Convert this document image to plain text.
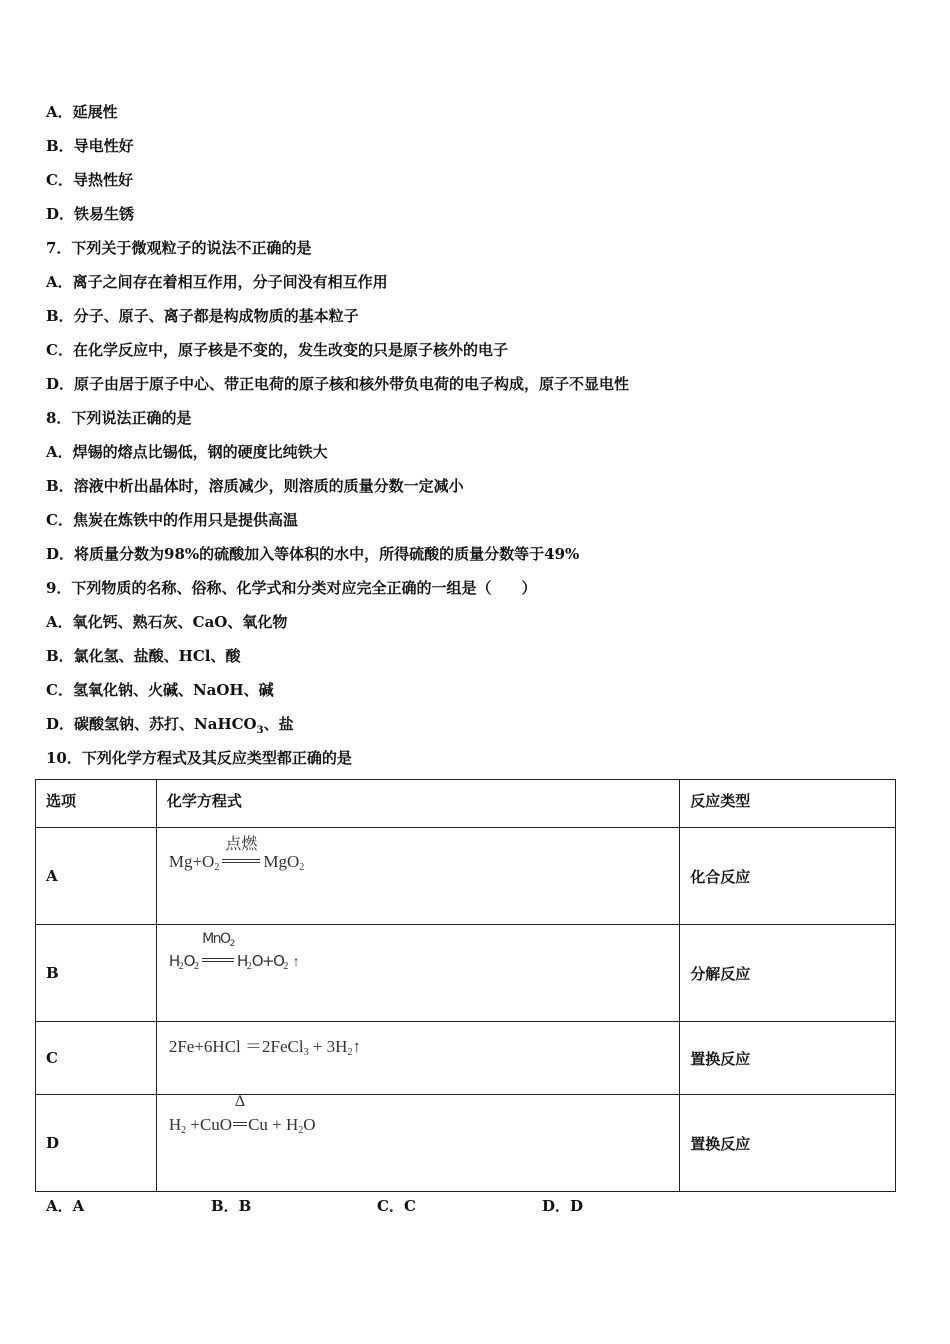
A．延展性
B．导电性好
C．导热性好
D．铁易生锈
7．下列关于微观粒子的说法不正确的是
A．离子之间存在着相互作用，分子间没有相互作用
B．分子、原子、离子都是构成物质的基本粒子
C．在化学反应中，原子核是不变的，发生改变的只是原子核外的电子
D．原子由居于原子中心、带正电荷的原子核和核外带负电荷的电子构成，原子不显电性
8．下列说法正确的是
A．焊锡的熔点比锡低，钢的硬度比纯铁大
B．溶液中析出晶体时，溶质减少，则溶质的质量分数一定减小
C．焦炭在炼铁中的作用只是提供高温
D．将质量分数为98%的硫酸加入等体积的水中，所得硫酸的质量分数等于49%
9．下列物质的名称、俗称、化学式和分类对应完全正确的一组是（　　）
A．氧化钙、熟石灰、CaO、氧化物
B．氯化氢、盐酸、HCl、酸
C．氢氧化钠、火碱、NaOH、碱
D．碳酸氢钠、苏打、NaHCO$_3$、盐
10．下列化学方程式及其反应类型都正确的是
选项	化学方程式	反应类型

A	$Mg+O_2$
点燃
MgO$_2$	化合反应

B	$H_2O_2$
MnO$_2$
$H_2O+O_2$ ↑	分解反应

C	2Fe+6HCl ＝2FeCl$_3$ + $3H_2↑$	置换反应

D	$H_2 +CuO$
Δ
$Cu + H_2O$	置换反应
A．A	B．B	C．C	D．D
